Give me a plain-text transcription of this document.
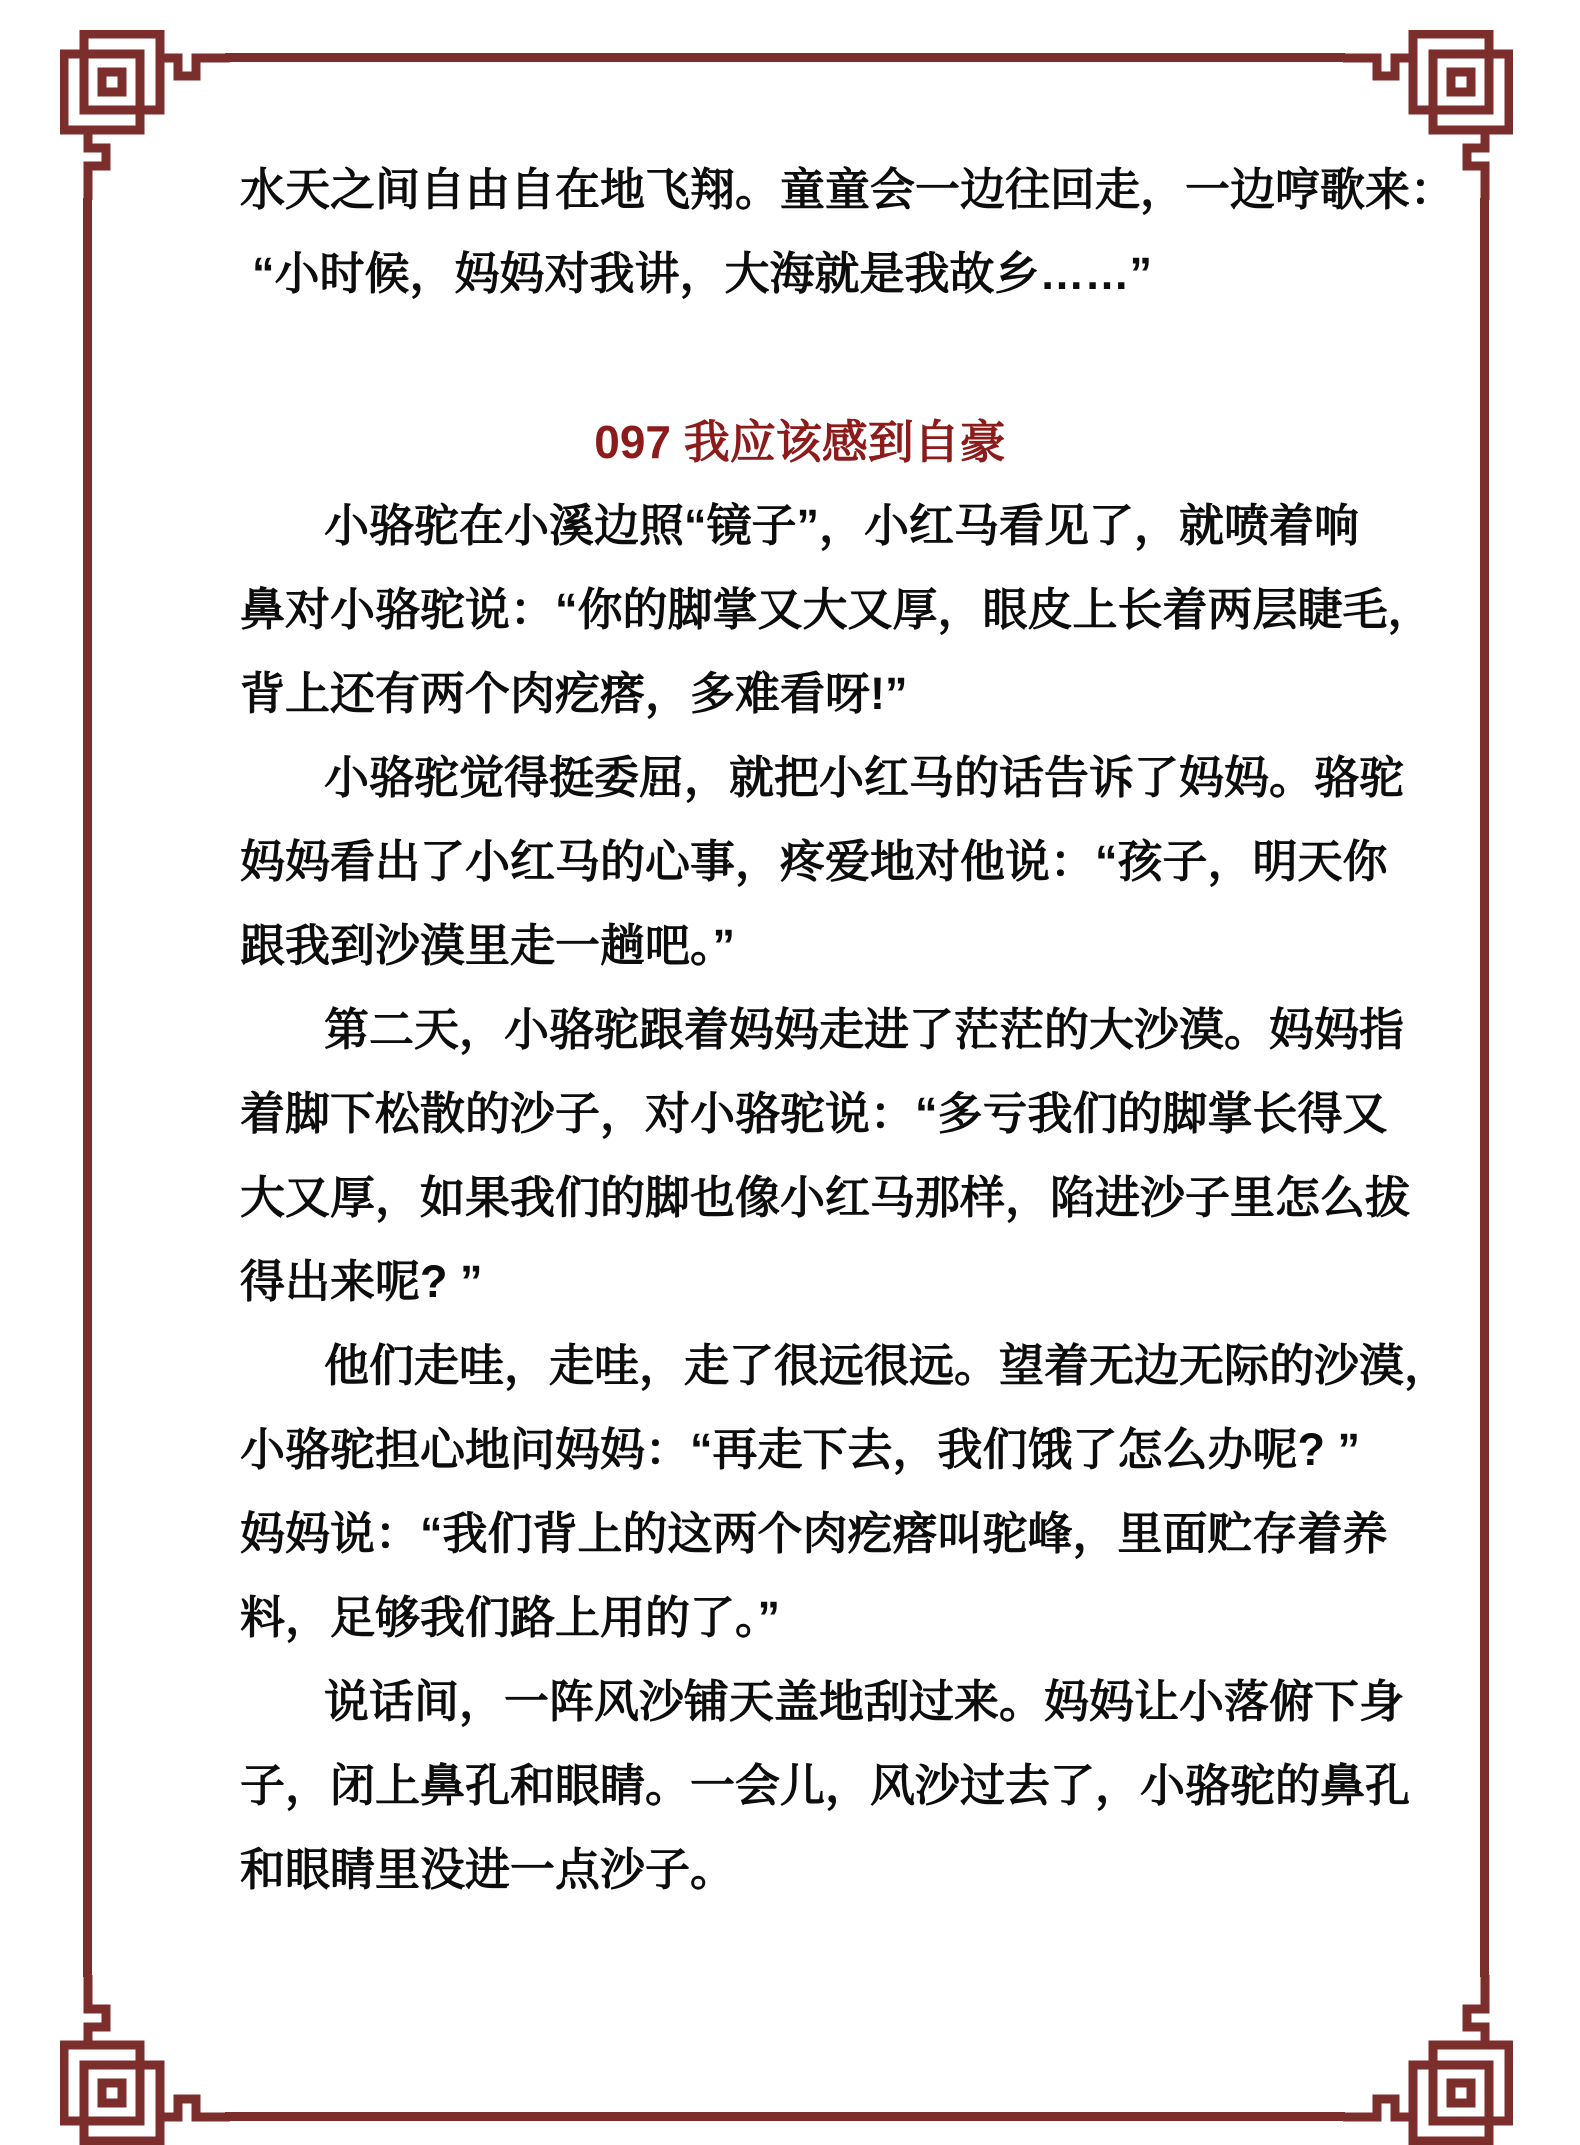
水天之间自由自在地飞翔。童童会一边往回走，一边哼歌来：
“小时候，妈妈对我讲，大海就是我故乡……”
097 我应该感到自豪
小骆驼在小溪边照“镜子”，小红马看见了，就喷着响
鼻对小骆驼说：“你的脚掌又大又厚，眼皮上长着两层睫毛，
背上还有两个肉疙瘩，多难看呀!”
小骆驼觉得挺委屈，就把小红马的话告诉了妈妈。骆驼
妈妈看出了小红马的心事，疼爱地对他说：“孩子，明天你
跟我到沙漠里走一趟吧。”
第二天，小骆驼跟着妈妈走进了茫茫的大沙漠。妈妈指
着脚下松散的沙子，对小骆驼说：“多亏我们的脚掌长得又
大又厚，如果我们的脚也像小红马那样，陷进沙子里怎么拔
得出来呢? ”
他们走哇，走哇，走了很远很远。望着无边无际的沙漠，
小骆驼担心地问妈妈：“再走下去，我们饿了怎么办呢? ”
妈妈说：“我们背上的这两个肉疙瘩叫驼峰，里面贮存着养
料，足够我们路上用的了。”
说话间，一阵风沙铺天盖地刮过来。妈妈让小落俯下身
子，闭上鼻孔和眼睛。一会儿，风沙过去了，小骆驼的鼻孔
和眼睛里没进一点沙子。
